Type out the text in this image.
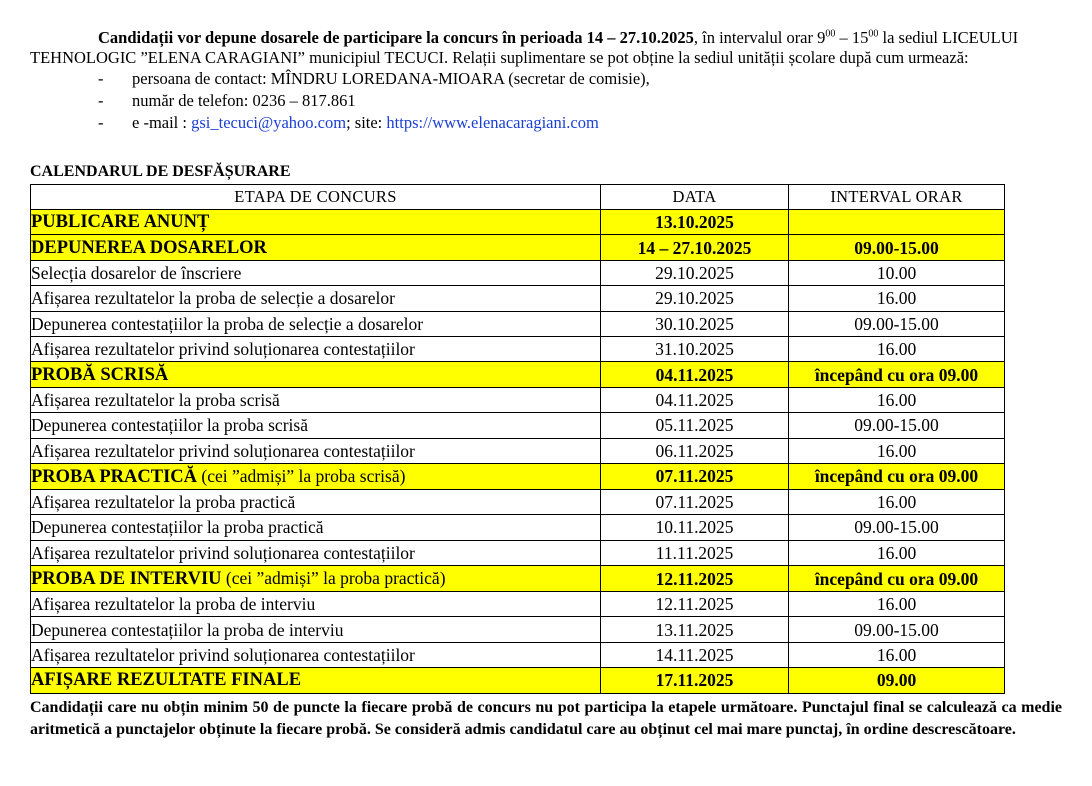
Candidații vor depune dosarele de participare la concurs în perioada 14 – 27.10.2025, în intervalul orar $9^{00} - 15^{00}$ la sediul LICEULUI TEHNOLOGIC ”ELENA CARAGIANI” municipiul TECUCI. Relații suplimentare se pot obține la sediul unității școlare după cum urmează:

- persoana de contact: MÎNDRU LOREDANA-MIOARA (secretar de comisie),
- număr de telefon: 0236 – 817.861
- e -mail : gsi_tecuci@yahoo.com; site: https://www.elenacaragiani.com
CALENDARUL DE DESFĂȘURARE
ETAPA DE CONCURS	DATA	INTERVAL ORAR
PUBLICARE ANUNȚ	13.10.2025	
DEPUNEREA DOSARELOR	14 – 27.10.2025	09.00-15.00
Selecția dosarelor de înscriere	29.10.2025	10.00
Afișarea rezultatelor la proba de selecție a dosarelor	29.10.2025	16.00
Depunerea contestațiilor la proba de selecție a dosarelor	30.10.2025	09.00-15.00
Afișarea rezultatelor privind soluționarea contestațiilor	31.10.2025	16.00
PROBĂ SCRISĂ	04.11.2025	începând cu ora 09.00
Afișarea rezultatelor la proba scrisă	04.11.2025	16.00
Depunerea contestațiilor la proba scrisă	05.11.2025	09.00-15.00
Afișarea rezultatelor privind soluționarea contestațiilor	06.11.2025	16.00
PROBA PRACTICĂ (cei ”admiși” la proba scrisă)	07.11.2025	începând cu ora 09.00
Afișarea rezultatelor la proba practică	07.11.2025	16.00
Depunerea contestațiilor la proba practică	10.11.2025	09.00-15.00
Afișarea rezultatelor privind soluționarea contestațiilor	11.11.2025	16.00
PROBA DE INTERVIU (cei ”admiși” la proba practică)	12.11.2025	începând cu ora 09.00
Afișarea rezultatelor la proba de interviu	12.11.2025	16.00
Depunerea contestațiilor la proba de interviu	13.11.2025	09.00-15.00
Afișarea rezultatelor privind soluționarea contestațiilor	14.11.2025	16.00
AFIȘARE REZULTATE FINALE	17.11.2025	09.00
Candidații care nu obțin minim 50 de puncte la fiecare probă de concurs nu pot participa la etapele următoare. Punctajul final se calculează ca medie aritmetică a punctajelor obținute la fiecare probă. Se consideră admis candidatul care au obținut cel mai mare punctaj, în ordine descrescătoare.
